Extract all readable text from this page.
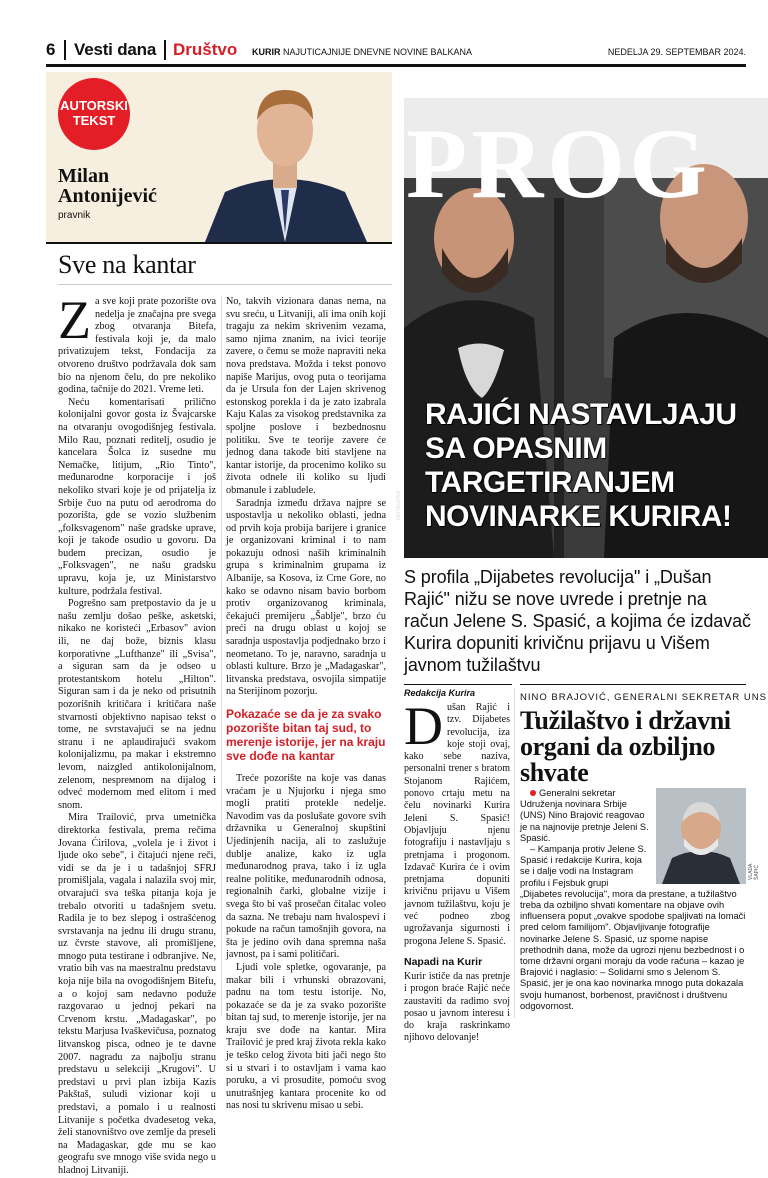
6 Vesti dana Društvo KURIR NAJUTICAJNIJE DNEVNE NOVINE BALKANA	NEDELJA 29. SEPTEMBAR 2024.
AUTORSKI TEKST
Milan
Antonijević
pravnik
Sve na kantar

Za sve koji prate pozorište ova nedelja je značajna pre svega zbog otvaranja Bitefa, festivala koji je, da malo privatizujem tekst, Fondacija za otvoreno društvo podržavala dok sam bio na njenom čelu, do pre nekoliko godina, tačnije do 2021. Vreme leti.

Neću komentarisati prilično kolonijalni govor gosta iz Švajcarske na otvaranju ovogodišnjeg festivala. Milo Rau, poznati reditelj, osudio je kancelara Šolca iz susedne mu Nemačke, litijum, „Rio Tinto", međunarodne korporacije i još nekoliko stvari koje je od prijatelja iz Srbije čuo na putu od aerodroma do pozorišta, gde se vozio službenim „folksvagenom" naše gradske uprave, koji je takođe osudio u govoru. Da budem precizan, osudio je „Folksvagen", ne našu gradsku upravu, koja je, uz Ministarstvo kulture, podržala festival.

Pogrešno sam pretpostavio da je u našu zemlju došao peške, asketski, nikako ne koristeći „Erbasov" avion ili, ne daj bože, biznis klasu korporativne „Lufthanze" ili „Svisa", a siguran sam da je odseo u protestantskom hotelu „Hilton". Siguran sam i da je neko od prisutnih pozorišnih kritičara i kritičara naše stvarnosti objektivno napisao tekst o tome, ne svrstavajući se na jednu stranu i ne aplaudirajući svakom kolonijalizmu, pa makar i ekstremno levom, naizgled antikolonijalnom, zelenom, nesprемnom na dijalog i odveć modernom med elitom i med snom.

Mira Trailović, prva umetnička direktorka festivala, prema rečima Jovana Ćirilova, „volela je i život i ljude oko sebe", i čitajući njene reči, vidi se da je i u tadašnjoj SFRJ promišljala, vagala i nalazila svoj mir, otvarajući sva teška pitanja koja je trebalo otvoriti u tadašnjem svetu. Radila je to bez slepog i ostrašćenog svrstavanja na jednu ili drugu stranu, uz čvrste stavove, ali promišljene, mnogo puta testirane i odbranjive. Ne, vratio bih vas na maestralnu predstavu koja nije bila na ovogodišnjem Bitefu, a o kojoj sam nedavno podužе razgovarao u jednoj pekari na Crvenom krstu. „Madagaskar", po tekstu Marjusa Ivaškevičusa, poznatog litvanskog pisca, odneo je te davne 2007. nagradu za najbolju stranu predstavu u selekciji „Krugovi". U predstavi u prvi plan izbija Kazis Pakštaš, suludi vizionar koji u predstavi, a pomalo i u realnosti Litvanije s početka dvadesetog veka, želi stanovništvo ove zemlje da preseli na Madagaskar, gde mu se kao geografu sve mnogo više svida nego u hladnoj Litvaniji.

No, takvih vizionara danas nema, na svu sreću, u Litvaniji, ali ima onih koji tragaju za nekim skrivenim vezama, samo njima znanim, na ivici teorije zavere, o čemu se može napraviti neka nova predstava. Možda i tekst ponovo napiše Marijus, ovog puta o teorijama da je Ursula fon der Lajen skrivenog estonskog porekla i da je zato izabrala Kaju Kalas za visokog predstavnika za spoljne poslove i bezbednosnu politiku. Sve te teorije zavere će jednog dana takođe biti stavljene na kantar istorije, da procenimo koliko su života odnele ili koliko su ljudi obmanule i zabludele.

Saradnja između država najpre se uspostavlja u nekoliko oblasti, jedna od prvih koja probija barijere i granice je organizovani kriminal i to nam pokazuju odnosi naših kriminalnih grupa s kriminalnim grupama iz Albanije, sa Kosova, iz Crne Gore, no kako se odavno nisam bavio borbom protiv organizovanog kriminala, čekajući premijeru „Šablje", brzo ću preći na drugu oblast u kojoj se saradnja uspostavlja podjednako brzo i neometano. To je, naravno, saradnja u oblasti kulture. Brzo je „Madagaskar", litvanska predstava, osvojila simpatije na Sterijinom pozorju.

Pokazaće se da je za svako pozorište bitan taj sud, to merenje istorije, jer na kraju sve dođe na kantar

Treće pozorište na koje vas danas vraćam je u Njujorku i njega smo mogli pratiti protekle nedelje. Navodim vas da poslušate govore svih državnika u Generalnoj skupštini Ujedinjenih nacija, ali to zaslužuje dublje analize, kako iz ugla međunarodnog prava, tako i iz ugla realne politike, međunarodnih odnosa, regionalnih čarki, globalne vizije i svega što bi vaš prosečan čitalac voleo da sazna. Ne trebaju nam hvalospevi i pokude na račun tamošnjih govora, na šta je jedino ovih dana spremna naša javnost, pa i sami političari.

Ljudi vole spletke, ogovaranje, pa makar bili i vrhunski obrazovani, padnu na tom testu istorije. No, pokazaće se da je za svako pozorište bitan taj sud, to merenje istorije, jer na kraju sve dođe na kantar. Mira Trailović je pred kraj života rekla kako je teško celog života biti jači nego što si u stvari i to ostavljam i vama kao poruku, a vi prosudite, pomoću svog unutrašnjeg kantara procenite ko od nas nosi tu skrivenu misao u sebi.

PROG
RAJIĆI NASTAVLJAJU
SA OPASNIM
TARGETIRANJEM
NOVINARKE KURIRA!
INSTAGRAM
S profila „Dijabetes revolucija" i „Dušan Rajić" nižu se nove uvrede i pretnje na račun Jelene S. Spasić, a kojima će izdavač Kurira dopuniti krivičnu prijavu u Višem javnom tužilaštvu
Redakcija Kurira

Dušan Rajić i tzv. Dijabetes revolucija, iza koje stoji ovaj, kako sebe naziva, personalni trener s bratom Stojanom Rajićem, ponovo crtaju metu na čelu novinarki Kurira Jeleni S. Spasić! Objavljuju njenu fotografiju i nastavljaju s pretnjama i progonom. Izdavač Kurira će i ovim pretnjama dopuniti krivičnu prijavu u Višem javnom tužilaštvu, koju je već podneo zbog ugrožavanja sigurnosti i progona Jelene S. Spasić.

Napadi na Kurir

Kurir ističe da nas pretnje i progon braće Rajić neće zaustaviti da radimo svoj posao u javnom interesu i do kraja raskrinkamo njihovo delovanje!

NINO BRAJOVIĆ, GENERALNI SEKRETAR UNS
Tužilaštvo i državni organi da ozbiljno shvate

Generalni sekretar Udruženja novinara Srbije (UNS) Nino Brajović reagovao je na najnovije pretnje Jeleni S. Spasić.

– Kampanja protiv Jelene S. Spasić i redakcije Kurira, koja se i dalje vodi na Instagram profilu i Fejsbuk grupi „Dijabetes revolucija", mora da prestane, a tužilaštvo treba da ozbiljno shvati komentare na objave ovih influensera poput „ovakve spodobe spaljivati na lomači pred celom familijom". Objavljivanje fotografije novinarke Jelene S. Spasić, uz sporne napise prethodnih dana, može da ugrozi njenu bezbednost i o tome državni organi moraju da vode računa – kazao je Brajović i naglasio: – Solidarni smo s Jelenom S. Spasić, jer je ona kao novinarka mnogo puta dokazala svoju humanost, borbenost, pravičnost i društvenu odgovornost.

VLADA ŠAPIĆ
